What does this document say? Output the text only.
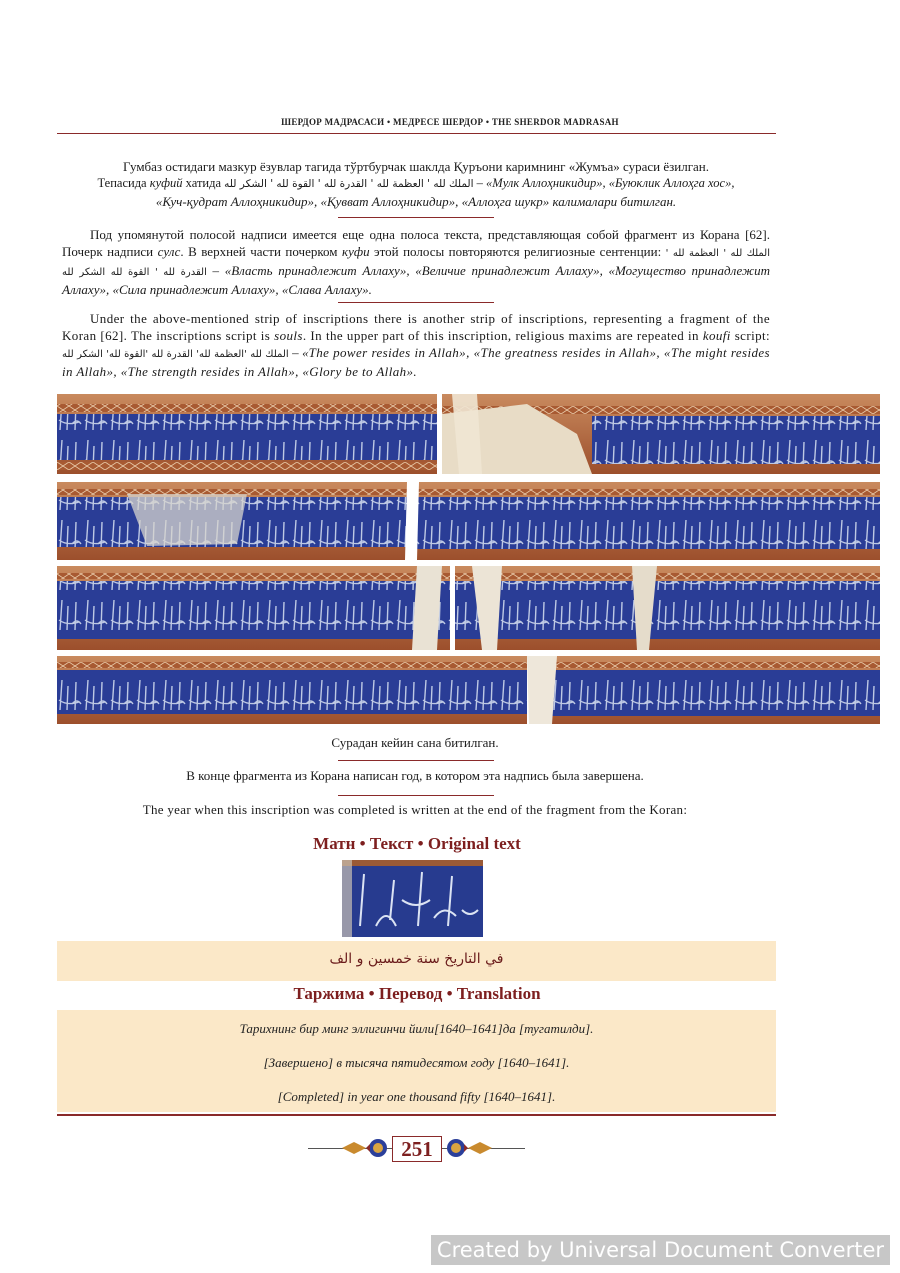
ШЕРДОР МАДРАСАСИ • МЕДРЕСЕ ШЕРДОР • THE SHERDOR MADRASAH

Гумбаз остидаги мазкур ёзувлар тагида тўртбурчак шаклда Қуръони каримнинг «Жумъа» сураси ёзилган.

Тепасида куфий хатида الملك لله ' العظمة لله ' القدرة لله ' القوة لله ' الشكر لله – «Мулк Аллоҳникидир», «Буюклик Аллоҳга хос»,

«Куч-қудрат Аллоҳникидир», «Қувват Аллоҳникидир», «Аллоҳга шукр» калималари битилган.

Под упомянутой полосой надписи имеется еще одна полоса текста, представляющая собой фрагмент из Корана [62]. Почерк надписи сулс. В верхней части почерком куфи этой полосы повторяются религиозные сентенции: الملك لله ' العظمة لله ' القدرة لله ' القوة لله الشكر لله – «Власть принадлежит Аллаху», «Величие принадлежит Аллаху», «Могущество принадлежит Аллаху», «Сила принадлежит Аллаху», «Слава Аллаху».

Under the above-mentioned strip of inscriptions there is another strip of inscriptions, representing a fragment of the Koran [62]. The inscriptions script is souls. In the upper part of this inscription, religious maxims are repeated in koufi script: الملك لله 'العظمة لله' القدرة لله 'القوة لله' الشكر لله – «The power resides in Allah», «The greatness resides in Allah», «The might resides in Allah», «The strength resides in Allah», «Glory be to Allah».

Сурадан кейин сана битилган.
В конце фрагмента из Корана написан год, в котором эта надпись была завершена.
The year when this inscription was completed is written at the end of the fragment from the Koran:
Матн • Текст • Original text
في التاريخ سنة خمسين و الف
Таржима • Перевод • Translation
Тарихнинг бир минг эллигинчи йили[1640–1641]да [тугатилди].
[Завершено] в тысяча пятидесятом году [1640–1641].
[Completed] in year one thousand fifty [1640–1641].
251
Created by Universal Document Converter
